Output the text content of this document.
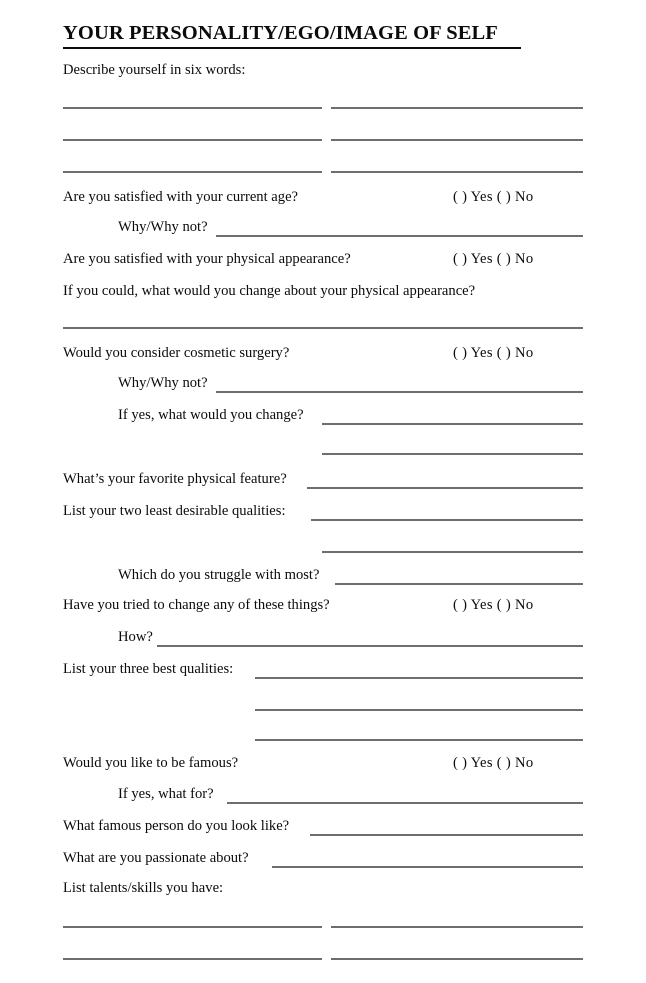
YOUR PERSONALITY/EGO/IMAGE OF SELF
Describe yourself in six words:
Are you satisfied with your current age?	( ) Yes ( ) No
Why/Why not?
Are you satisfied with your physical appearance?	( ) Yes ( ) No
If you could, what would you change about your physical appearance?
Would you consider cosmetic surgery?	( ) Yes ( ) No
Why/Why not?
If yes, what would you change?
What’s your favorite physical feature?
List your two least desirable qualities:
Which do you struggle with most?
Have you tried to change any of these things?	( ) Yes ( ) No
How?
List your three best qualities:
Would you like to be famous?	( ) Yes ( ) No
If yes, what for?
What famous person do you look like?
What are you passionate about?
List talents/skills you have:
